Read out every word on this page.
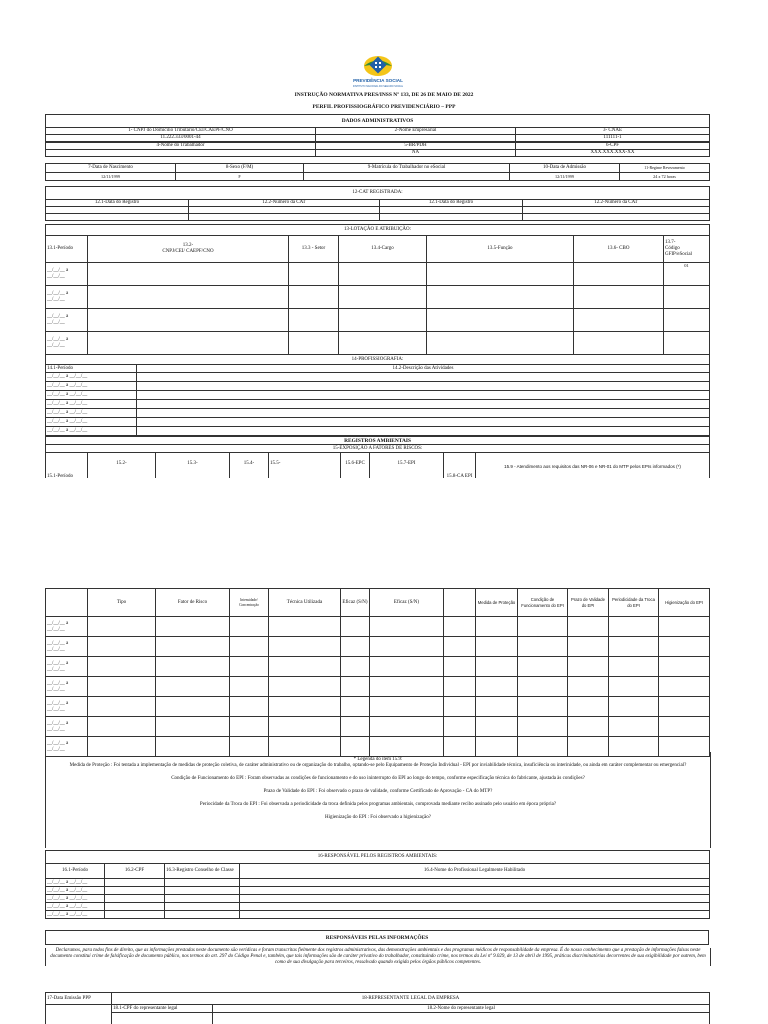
PREVIDÊNCIA SOCIAL
INSTITUTO NACIONAL DO SEGURO SOCIAL
INSTRUÇÃO NORMATIVA PRES/INSS Nº 133, DE 26 DE MAIO DE 2022
PERFIL PROFISSIOGRÁFICO PREVIDENCIÁRIO – PPP
DADOS ADMINISTRATIVOS		
1- CNPJ do Domicílio Tributário/CEI/CAEPF/CNO	2-Nome Empresarial	3- CNAE
11.222.333/0001-44		111111-1
4-Nome do Trabalhador	5-BR/PDH	6-CPF
	NA	XXX.XXX.XXX-XX
7-Data de Nascimento	8-Sexo (F/M)	9-Matrícula do Trabalhador no eSocial	10-Data de Admissão	11-Regime Revezamento
12/11/1999	F		12/11/1999	24 x 72 horas
12-CAT REGISTRADA:			
12.1-Data do Registro	12.2-Número da CAT	12.1-Data do Registro	12.2-Número da CAT

13-LOTAÇÃO E ATRIBUIÇÃO:						
13.1-Período	13.2-
CNPJ/CEI/ CAEPF/CNO	13.3 - Setor	13.4-Cargo	13.5-Função	13.6- CBO	13.7-
Código
GFIP/eSocial
__/__/__ a
__/__/__						01
__/__/__ a
__/__/__						
__/__/__ a
__/__/__						
__/__/__ a
__/__/__						
14-PROFISSIOGRAFIA:	
14.1-Período	14.2-Descrição das Atividades
__/__/__ a __/__/__	
__/__/__ a __/__/__	
__/__/__ a __/__/__	
__/__/__ a __/__/__	
__/__/__ a __/__/__	
__/__/__ a __/__/__	
__/__/__ a __/__/__	
REGISTROS AMBIENTAIS
15-EXPOSIÇÃO A FATORES DE RISCOS:
15.1-Período	15.2-	15.3-	15.4-	15.5-	15.6-EPC	15.7-EPI	15.8-CA EPI	15.9 - Atendimento aos requisitos das NR-06 e NR-01 do MTP pelos EPIs informados (*)
	Tipo	Fator de Risco	Intensidade/ Concentração	Técnica Utilizada	Eficaz (S/N)	Eficaz (S/N)		Medida de Proteção	Condição de Funcionamento do EPI	Prazo de Validade do EPI	Periodicidade da Troca do EPI	Higienização do EPI
__/__/__ a
__/__/__												
__/__/__ a
__/__/__												
__/__/__ a
__/__/__												
__/__/__ a
__/__/__												
__/__/__ a
__/__/__												
__/__/__ a
__/__/__												
__/__/__ a
__/__/__												
* Legenda do item 15.9:
Medida de Proteção : Foi tentada a implementação de medidas de proteção coletiva, de caráter administrativo ou de organização do trabalho, optando-se pelo Equipamento de Proteção Individual - EPI por inviabilidade técnica, insuficiência ou interinidade, ou ainda em caráter complementar ou emergencial?
Condição de Funcionamento do EPI : Foram observadas as condições de funcionamento e do uso ininterrupto do EPI ao longo do tempo, conforme especificação técnica do fabricante, ajustada às condições?
Prazo de Validade do EPI : Foi observado o prazo de validade, conforme Certificado de Aprovação - CA do MTP?
Periocidade da Troca do EPI : Foi observada a periodicidade da troca definida pelos programas ambientais, comprovada mediante recibo assinado pelo usuário em época própria?
Higienização do EPI : Foi observado a higienização?
16-RESPONSÁVEL PELOS REGISTROS AMBIENTAIS:			
16.1-Período	16.2-CPF	16.3-Registro Conselho de Classe	16.4-Nome do Profissional Legalmente Habilitado
__/__/__ a __/__/__			
__/__/__ a __/__/__			
__/__/__ a __/__/__			
__/__/__ a __/__/__			
__/__/__ a __/__/__			
RESPONSÁVEIS PELAS INFORMAÇÕES
Declaramos, para todos fins de direito, que as informações prestadas neste documento são verídicas e foram transcritas fielmente dos registros administrativos, das demonstrações ambientais e dos programas médicos de responsabilidade da empresa. É do nosso conhecimento que a prestação de informações falsas neste documento constitui crime de falsificação de documento público, nos termos do art. 297 do Código Penal e, também, que tais informações são de caráter privativo do trabalhador, constituindo crime, nos termos da Lei nº 9.029, de 13 de abril de 1995, práticas discriminatórias decorrentes de sua exigibilidade por outrem, bem como de sua divulgação para terceiros, ressalvado quando exigida pelos órgãos públicos competentes.
17-Data Emissão PPP	18-REPRESENTANTE LEGAL DA EMPRESA	
	18.1-CPF do representante legal	18.2-Nome do representante legal
